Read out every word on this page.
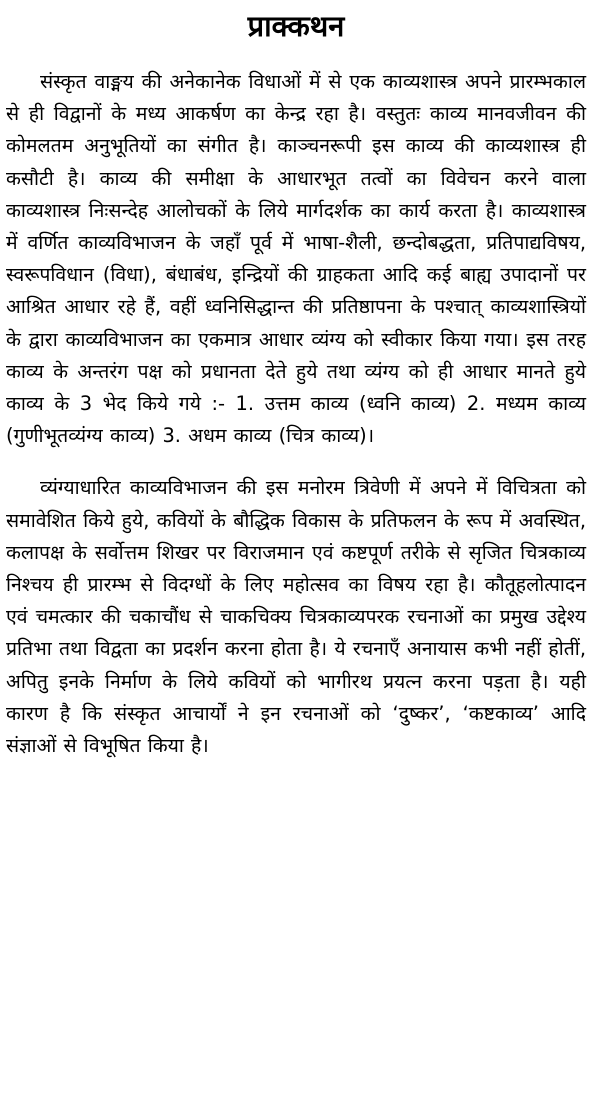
प्राक्कथन

संस्कृत वाङ्मय की अनेकानेक विधाओं में से एक काव्यशास्त्र अपने प्रारम्भकाल से ही विद्वानों के मध्य आकर्षण का केन्द्र रहा है। वस्तुतः काव्य मानवजीवन की कोमलतम अनुभूतियों का संगीत है। काञ्चनरूपी इस काव्य की काव्यशास्त्र ही कसौटी है। काव्य की समीक्षा के आधारभूत तत्वों का विवेचन करने वाला काव्यशास्त्र निःसन्देह आलोचकों के लिये मार्गदर्शक का कार्य करता है। काव्यशास्त्र में वर्णित काव्यविभाजन के जहाँ पूर्व में भाषा-शैली, छन्दोबद्धता, प्रतिपाद्यविषय, स्वरूपविधान (विधा), बंधाबंध, इन्द्रियों की ग्राहकता आदि कई बाह्य उपादानों पर आश्रित आधार रहे हैं, वहीं ध्वनिसिद्धान्त की प्रतिष्ठापना के पश्चात् काव्यशास्त्रियों के द्वारा काव्यविभाजन का एकमात्र आधार व्यंग्य को स्वीकार किया गया। इस तरह काव्य के अन्तरंग पक्ष को प्रधानता देते हुये तथा व्यंग्य को ही आधार मानते हुये काव्य के 3 भेद किये गये :- 1. उत्तम काव्य (ध्वनि काव्य) 2. मध्यम काव्य (गुणीभूतव्यंग्य काव्य) 3. अधम काव्य (चित्र काव्य)।

व्यंग्याधारित काव्यविभाजन की इस मनोरम त्रिवेणी में अपने में विचित्रता को समावेशित किये हुये, कवियों के बौद्धिक विकास के प्रतिफलन के रूप में अवस्थित, कलापक्ष के सर्वोत्तम शिखर पर विराजमान एवं कष्टपूर्ण तरीके से सृजित चित्रकाव्य निश्चय ही प्रारम्भ से विदग्धों के लिए महोत्सव का विषय रहा है। कौतूहलोत्पादन एवं चमत्कार की चकाचौंध से चाकचिक्य चित्रकाव्यपरक रचनाओं का प्रमुख उद्देश्य प्रतिभा तथा विद्वता का प्रदर्शन करना होता है। ये रचनाएँ अनायास कभी नहीं होतीं, अपितु इनके निर्माण के लिये कवियों को भागीरथ प्रयत्न करना पड़ता है। यही कारण है कि संस्कृत आचार्यों ने इन रचनाओं को ‘दुष्कर’, ‘कष्टकाव्य’ आदि संज्ञाओं से विभूषित किया है।
